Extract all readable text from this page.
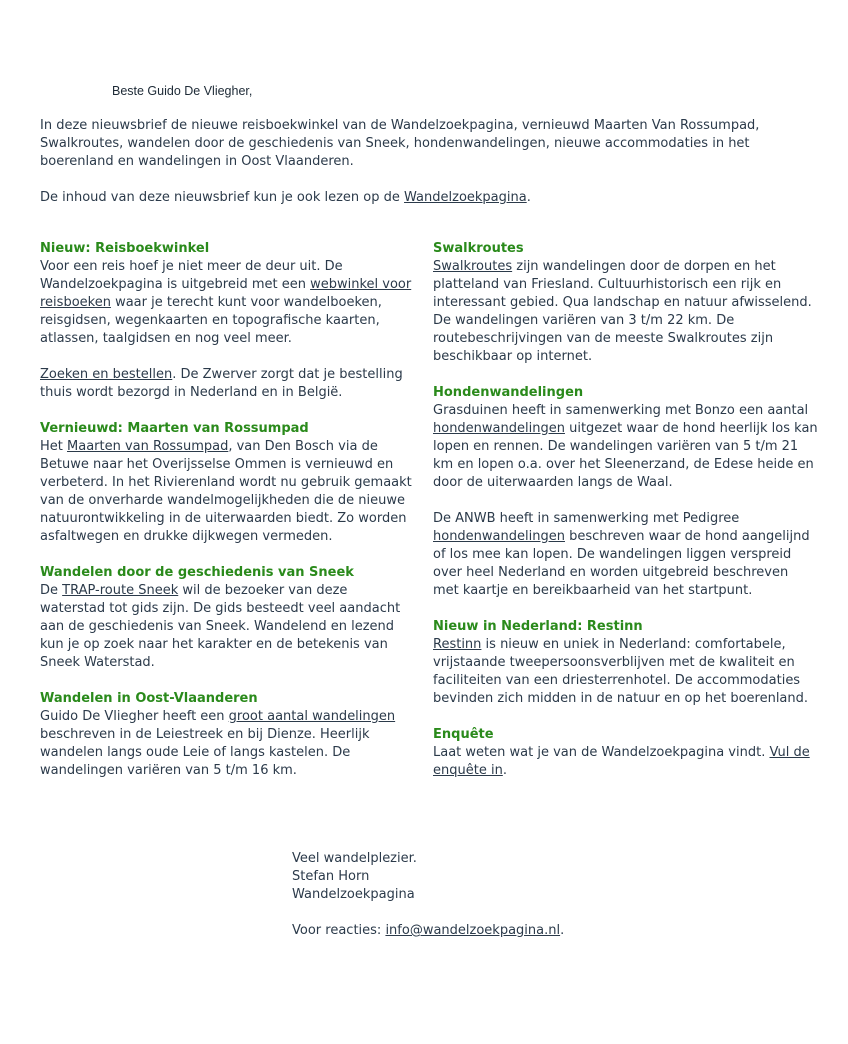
Beste Guido De Vliegher,

In deze nieuwsbrief de nieuwe reisboekwinkel van de Wandelzoekpagina, vernieuwd Maarten Van Rossumpad, Swalkroutes, wandelen door de geschiedenis van Sneek, hondenwandelingen, nieuwe accommodaties in het boerenland en wandelingen in Oost Vlaanderen.

De inhoud van deze nieuwsbrief kun je ook lezen op de Wandelzoekpagina.

Nieuw: Reisboekwinkel

Voor een reis hoef je niet meer de deur uit. De Wandelzoekpagina is uitgebreid met een webwinkel voor reisboeken waar je terecht kunt voor wandelboeken, reisgidsen, wegenkaarten en topografische kaarten, atlassen, taalgidsen en nog veel meer.

Zoeken en bestellen. De Zwerver zorgt dat je bestelling thuis wordt bezorgd in Nederland en in België.

Vernieuwd: Maarten van Rossumpad

Het Maarten van Rossumpad, van Den Bosch via de Betuwe naar het Overijsselse Ommen is vernieuwd en verbeterd. In het Rivierenland wordt nu gebruik gemaakt van de onverharde wandelmogelijkheden die de nieuwe natuurontwikkeling in de uiterwaarden biedt. Zo worden asfaltwegen en drukke dijkwegen vermeden.

Wandelen door de geschiedenis van Sneek

De TRAP-route Sneek wil de bezoeker van deze waterstad tot gids zijn. De gids besteedt veel aandacht aan de geschiedenis van Sneek. Wandelend en lezend kun je op zoek naar het karakter en de betekenis van Sneek Waterstad.

Wandelen in Oost-Vlaanderen

Guido De Vliegher heeft een groot aantal wandelingen beschreven in de Leiestreek en bij Dienze. Heerlijk wandelen langs oude Leie of langs kastelen. De wandelingen variëren van 5 t/m 16 km.

Swalkroutes

Swalkroutes zijn wandelingen door de dorpen en het platteland van Friesland. Cultuurhistorisch een rijk en interessant gebied. Qua landschap en natuur afwisselend. De wandelingen variëren van 3 t/m 22 km. De routebeschrijvingen van de meeste Swalkroutes zijn beschikbaar op internet.

Hondenwandelingen

Grasduinen heeft in samenwerking met Bonzo een aantal hondenwandelingen uitgezet waar de hond heerlijk los kan lopen en rennen. De wandelingen variëren van 5 t/m 21 km en lopen o.a. over het Sleenerzand, de Edese heide en door de uiterwaarden langs de Waal.

De ANWB heeft in samenwerking met Pedigree hondenwandelingen beschreven waar de hond aangelijnd of los mee kan lopen. De wandelingen liggen verspreid over heel Nederland en worden uitgebreid beschreven met kaartje en bereikbaarheid van het startpunt.

Nieuw in Nederland: Restinn

Restinn is nieuw en uniek in Nederland: comfortabele, vrijstaande tweepersoonsverblijven met de kwaliteit en faciliteiten van een driesterrenhotel. De accommodaties bevinden zich midden in de natuur en op het boerenland.

Enquête

Laat weten wat je van de Wandelzoekpagina vindt. Vul de enquête in.

Veel wandelplezier.

Stefan Horn

Wandelzoekpagina

Voor reacties: info@wandelzoekpagina.nl.
